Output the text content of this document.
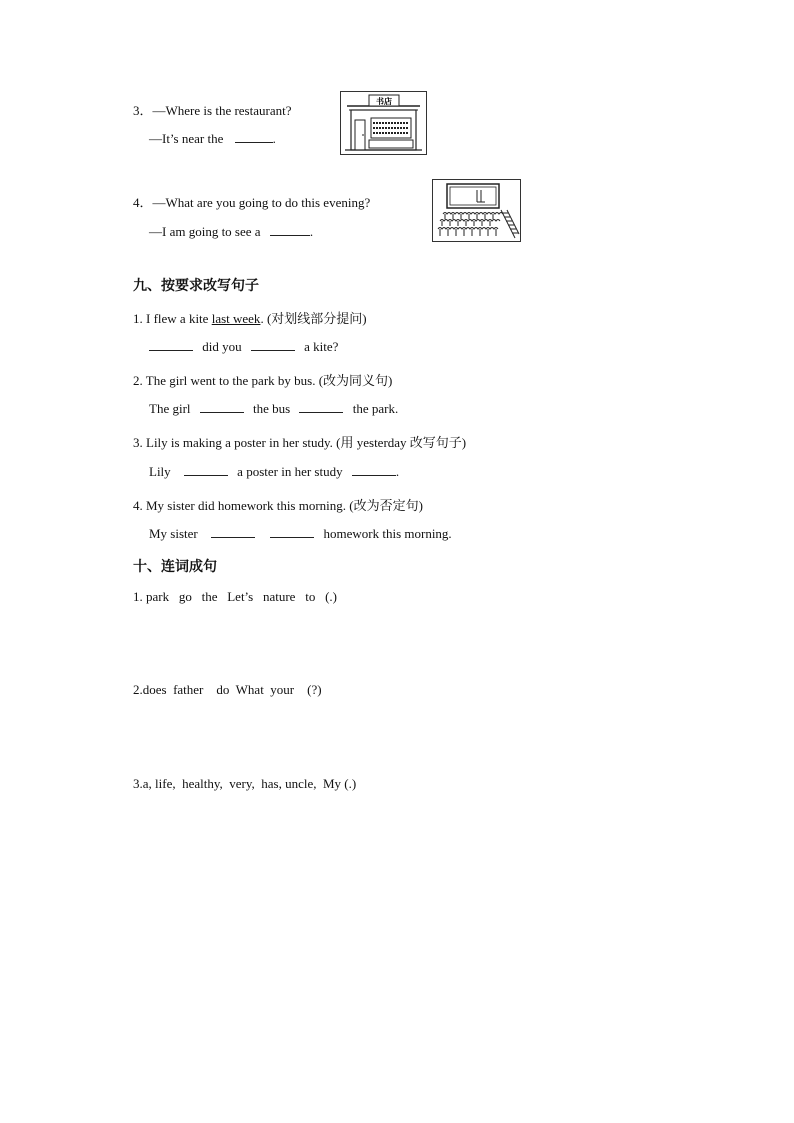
3．—Where is the restaurant?
—It’s near the	.
书店
4．—What are you going to do this evening?
—I am going to see a	.
九、按要求改写句子
1. I flew a kite last week. (对划线部分提问)
did you	a kite?
2. The girl went to the park by bus. (改为同义句)
The girl	the bus	the park.
3. Lily is making a poster in her study. (用 yesterday 改写句子)
Lily	a poster in her study	.
4. My sister did homework this morning. (改为否定句)
My sister	homework this morning.
十、连词成句
1. park   go   the   Let’s   nature   to   (.)
2.does  father    do  What  your    (?)
3.a, life,  healthy,  very,  has, uncle,  My (.)
